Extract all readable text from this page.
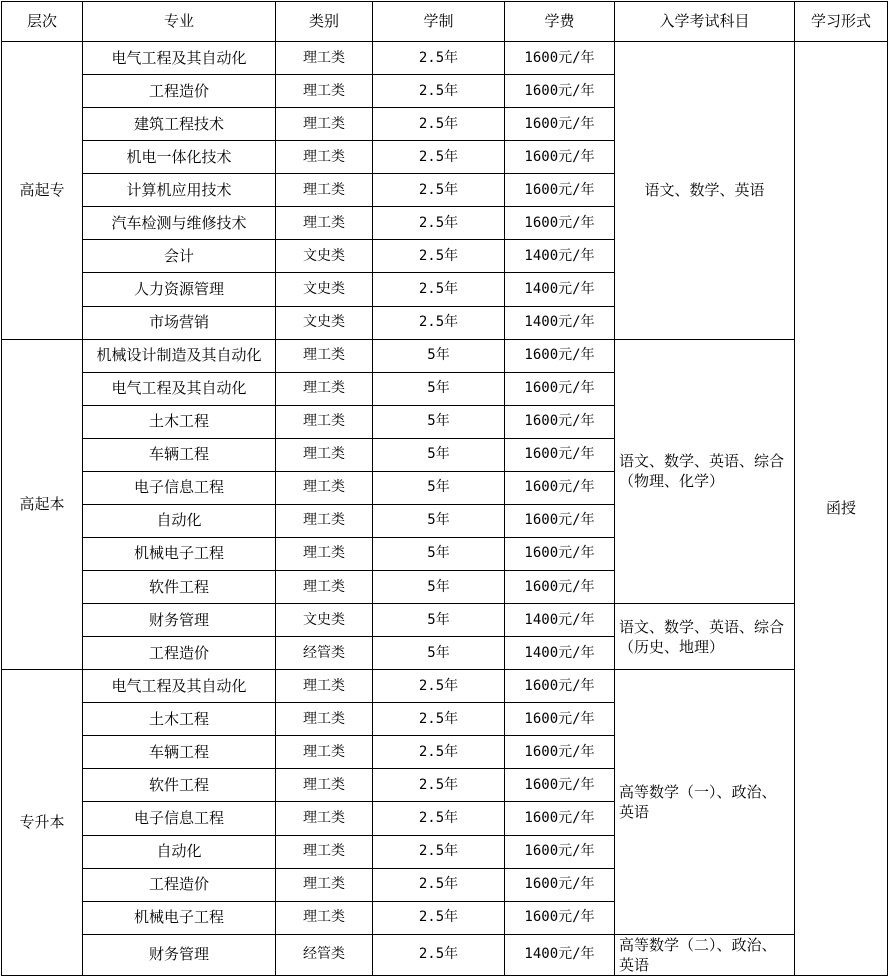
层次	专业	类别	学制	学费	入学考试科目	学习形式
高起专	电气工程及其自动化	理工类	2.5年	1600元/年	语文、数学、英语	函授
	工程造价	理工类	2.5年	1600元/年		
	建筑工程技术	理工类	2.5年	1600元/年		
	机电一体化技术	理工类	2.5年	1600元/年		
	计算机应用技术	理工类	2.5年	1600元/年		
	汽车检测与维修技术	理工类	2.5年	1600元/年		
	会计	文史类	2.5年	1400元/年		
	人力资源管理	文史类	2.5年	1400元/年		
	市场营销	文史类	2.5年	1400元/年		
高起本	机械设计制造及其自动化	理工类	5年	1600元/年	语文、数学、英语、综合（物理、化学）	
	电气工程及其自动化	理工类	5年	1600元/年		
	土木工程	理工类	5年	1600元/年		
	车辆工程	理工类	5年	1600元/年		
	电子信息工程	理工类	5年	1600元/年		
	自动化	理工类	5年	1600元/年		
	机械电子工程	理工类	5年	1600元/年		
	软件工程	理工类	5年	1600元/年		
	财务管理	文史类	5年	1400元/年	语文、数学、英语、综合（历史、地理）	
	工程造价	经管类	5年	1400元/年		
专升本	电气工程及其自动化	理工类	2.5年	1600元/年	高等数学（一）、政治、英语	
	土木工程	理工类	2.5年	1600元/年		
	车辆工程	理工类	2.5年	1600元/年		
	软件工程	理工类	2.5年	1600元/年		
	电子信息工程	理工类	2.5年	1600元/年		
	自动化	理工类	2.5年	1600元/年		
	工程造价	理工类	2.5年	1600元/年		
	机械电子工程	理工类	2.5年	1600元/年		
	财务管理	经管类	2.5年	1400元/年	高等数学（二）、政治、英语	
